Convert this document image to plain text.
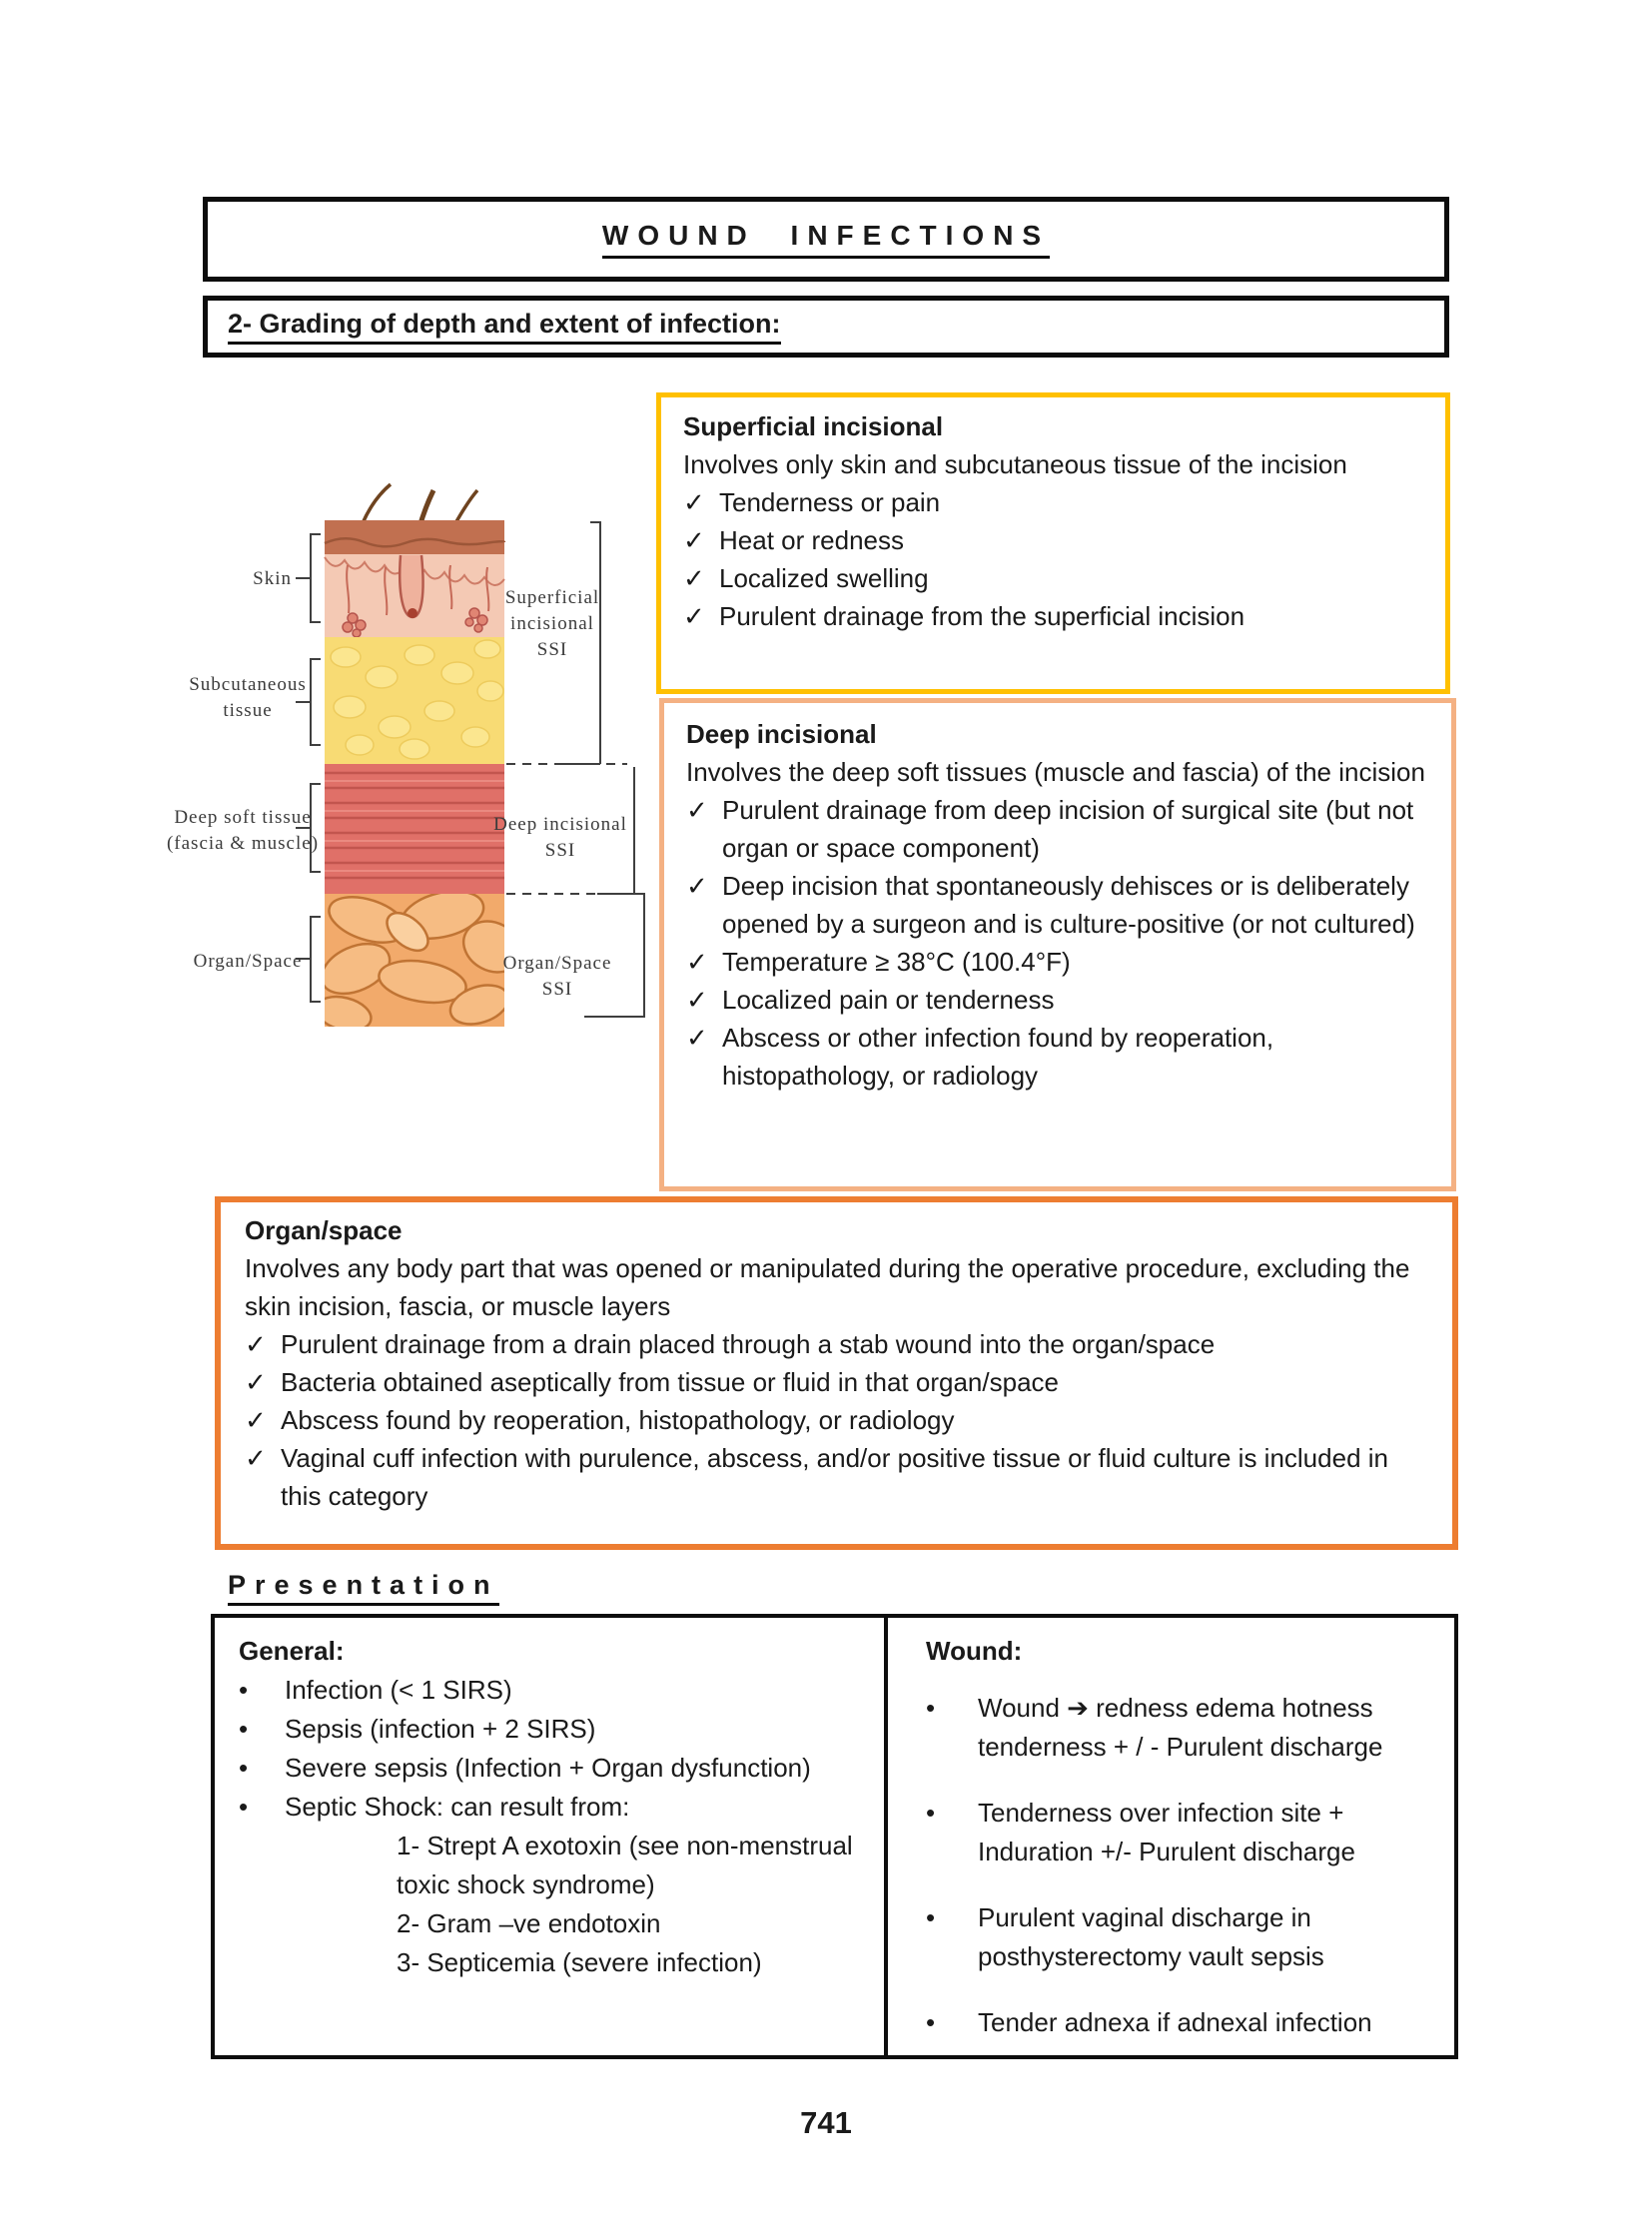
WOUND INFECTIONS
2- Grading of depth and extent of infection:
Skin
Subcutaneous
tissue
Deep soft tissue
(fascia & muscle)
Organ/Space
Superficial
incisional
SSI
Deep incisional
SSI
Organ/Space
SSI
Superficial incisional
Involves only skin and subcutaneous tissue of the incision
✓ Tenderness or pain
✓ Heat or redness
✓ Localized swelling
✓ Purulent drainage from the superficial incision
Deep incisional
Involves the deep soft tissues (muscle and fascia) of the incision
✓ Purulent drainage from deep incision of surgical site (but not organ or space component)
✓ Deep incision that spontaneously dehisces or is deliberately opened by a surgeon and is culture-positive (or not cultured)
✓ Temperature ≥ 38°C (100.4°F)
✓ Localized pain or tenderness
✓ Abscess or other infection found by reoperation, histopathology, or radiology
Organ/space
Involves any body part that was opened or manipulated during the operative procedure, excluding the skin incision, fascia, or muscle layers
✓ Purulent drainage from a drain placed through a stab wound into the organ/space
✓ Bacteria obtained aseptically from tissue or fluid in that organ/space
✓ Abscess found by reoperation, histopathology, or radiology
✓ Vaginal cuff infection with purulence, abscess, and/or positive tissue or fluid culture is included in this category
Presentation
General:
•	Infection (< 1 SIRS)
•	Sepsis (infection + 2 SIRS)
•	Severe sepsis (Infection + Organ dysfunction)
•	Septic Shock: can result from:
1- Strept A exotoxin (see non-menstrual toxic shock syndrome)
2- Gram –ve endotoxin
3- Septicemia (severe infection)
Wound:
•	Wound ➔ redness edema hotness tenderness + / - Purulent discharge
•	Tenderness over infection site + Induration +/- Purulent discharge
•	Purulent vaginal discharge in posthysterectomy vault sepsis
•	Tender adnexa if adnexal infection
741
